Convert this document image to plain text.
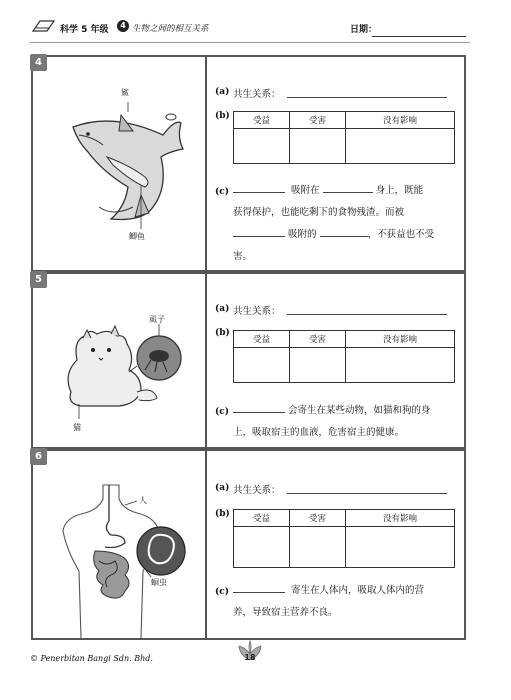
科学 5 年级	4 生物之间的相互关系	日期：
4
鲨
鲫鱼
(a) 共生关系：
(b)	受益	受害	没有影响

(c)	吸附在	身上，既能
获得保护，也能吃剩下的食物残渣。而被
吸附的	，不获益也不受
害。
5
虱子
猫
(a) 共生关系：
(b)
受益	受害	没有影响

(c)	会寄生在某些动物，如猫和狗的身
上，吸取宿主的血液，危害宿主的健康。
6
人
蛔虫
(a) 共生关系：
(b)	受益	受害	没有影响

(c)	寄生在人体内，吸取人体内的营
养，导致宿主营养不良。
© Penerbitan Bangi Sdn. Bhd.	18
